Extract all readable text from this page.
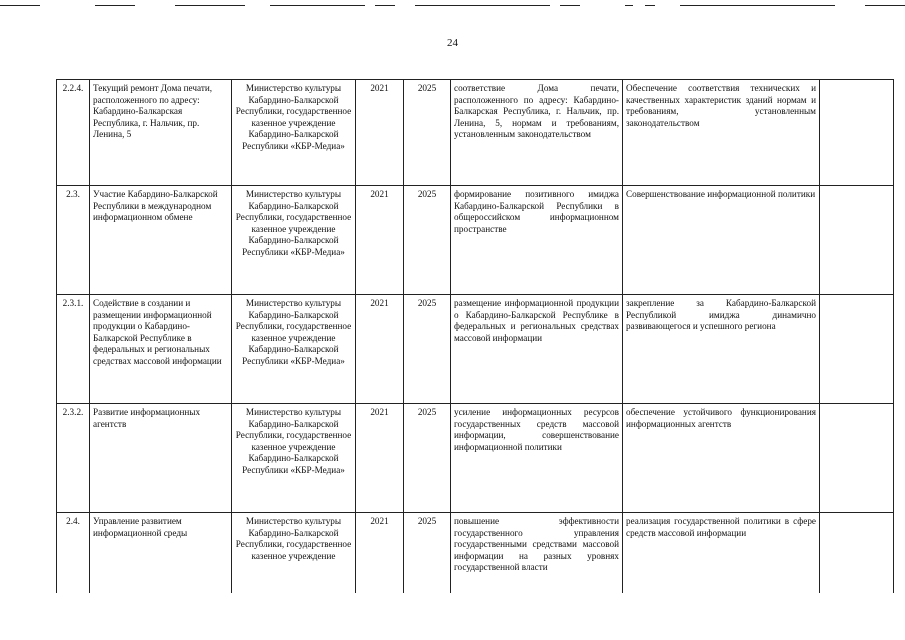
24
2.2.4.	Текущий ремонт Дома печати, расположенного по адресу: Кабардино-Балкарская Республика, г. Нальчик, пр. Ленина, 5	Министерство культуры Кабардино-Балкарской Республики, государственное казенное учреждение Кабардино-Балкарской Республики «КБР-Медиа»	2021	2025	соответствие Дома печати, расположенного по адресу: Кабардино-Балкарская Республика, г. Нальчик, пр. Ленина, 5, нормам и требованиям, установленным законодательством	Обеспечение соответствия технических и качественных характеристик зданий нормам и требованиям, установленным законодательством	
2.3.	Участие Кабардино-Балкарской Республики в международном информационном обмене	Министерство культуры Кабардино-Балкарской Республики, государственное казенное учреждение Кабардино-Балкарской Республики «КБР-Медиа»	2021	2025	формирование позитивного имиджа Кабардино-Балкарской Республики в общероссийском информационном пространстве	Совершенствование информационной политики	
2.3.1.	Содействие в создании и размещении информационной продукции о Кабардино-Балкарской Республике в федеральных и региональных средствах массовой информации	Министерство культуры Кабардино-Балкарской Республики, государственное казенное учреждение Кабардино-Балкарской Республики «КБР-Медиа»	2021	2025	размещение информационной продукции о Кабардино-Балкарской Республике в федеральных и региональных средствах массовой информации	закрепление за Кабардино-Балкарской Республикой имиджа динамично развивающегося и успешного региона	
2.3.2.	Развитие информационных агентств	Министерство культуры Кабардино-Балкарской Республики, государственное казенное учреждение Кабардино-Балкарской Республики «КБР-Медиа»	2021	2025	усиление информационных ресурсов государственных средств массовой информации, совершенствование информационной политики	обеспечение устойчивого функционирования информационных агентств	
2.4.	Управление развитием информационной среды	Министерство культуры Кабардино-Балкарской Республики, государственное казенное учреждение	2021	2025	повышение эффективности государственного управления государственными средствами массовой информации на разных уровнях государственной власти	реализация государственной политики в сфере средств массовой информации	
